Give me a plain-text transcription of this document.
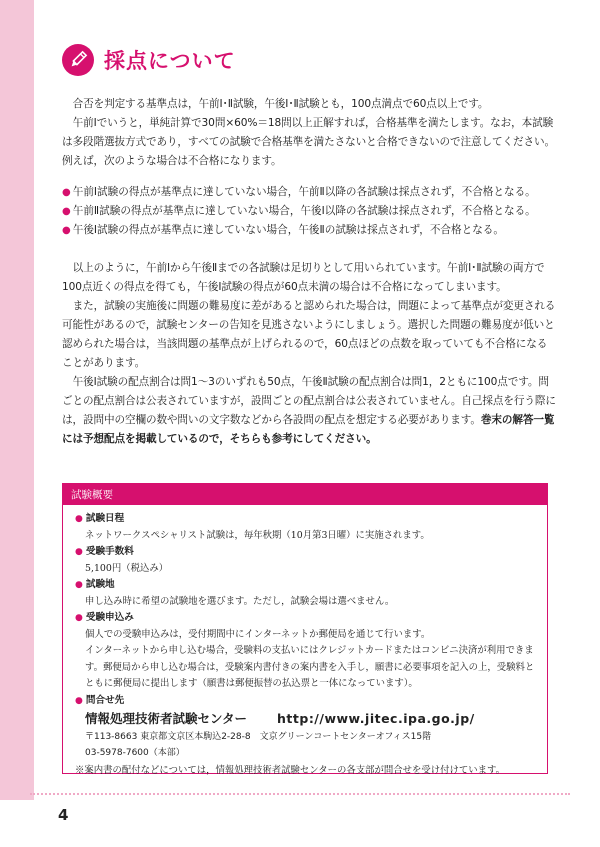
採点について

合否を判定する基準点は，午前Ⅰ･Ⅱ試験，午後Ⅰ･Ⅱ試験とも，100点満点で60点以上です。

午前Ⅰでいうと，単純計算で30問×60%＝18問以上正解すれば，合格基準を満たします。なお，本試験は多段階選抜方式であり，すべての試験で合格基準を満たさないと合格できないので注意してください。例えば，次のような場合は不合格になります。

● 午前Ⅰ試験の得点が基準点に達していない場合，午前Ⅱ以降の各試験は採点されず，不合格となる。
● 午前Ⅱ試験の得点が基準点に達していない場合，午後Ⅰ以降の各試験は採点されず，不合格となる。
● 午後Ⅰ試験の得点が基準点に達していない場合，午後Ⅱの試験は採点されず，不合格となる。

以上のように，午前Ⅰから午後Ⅱまでの各試験は足切りとして用いられています。午前Ⅰ･Ⅱ試験の両方で100点近くの得点を得ても，午後Ⅰ試験の得点が60点未満の場合は不合格になってしまいます。

また，試験の実施後に問題の難易度に差があると認められた場合は，問題によって基準点が変更される可能性があるので，試験センターの告知を見逃さないようにしましょう。選択した問題の難易度が低いと認められた場合は，当該問題の基準点が上げられるので，60点ほどの点数を取っていても不合格になることがあります。

午後Ⅰ試験の配点割合は問1～3のいずれも50点，午後Ⅱ試験の配点割合は問1，2ともに100点です。問ごとの配点割合は公表されていますが，設問ごとの配点割合は公表されていません。自己採点を行う際には，設問中の空欄の数や問いの文字数などから各設問の配点を想定する必要があります。巻末の解答一覧には予想配点を掲載しているので，そちらも参考にしてください。

試験概要
● 試験日程

ネットワークスペシャリスト試験は，毎年秋期（10月第3日曜）に実施されます。

● 受験手数料

5,100円（税込み）

● 試験地

申し込み時に希望の試験地を選びます。ただし，試験会場は選べません。

● 受験申込み

個人での受験申込みは，受付期間中にインターネットか郵便局を通じて行います。

インターネットから申し込む場合，受験料の支払いにはクレジットカードまたはコンビニ決済が利用できます。郵便局から申し込む場合は，受験案内書付きの案内書を入手し，願書に必要事項を記入の上，受験料とともに郵便局に提出します（願書は郵便振替の払込票と一体になっています）。

● 問合せ先
情報処理技術者試験センター http://www.jitec.ipa.go.jp/
〒113-8663 東京都文京区本駒込2-28-8　文京グリーンコートセンターオフィス15階
03-5978-7600（本部）

※案内書の配付などについては，情報処理技術者試験センターの各支部が問合せを受け付けています。

4
